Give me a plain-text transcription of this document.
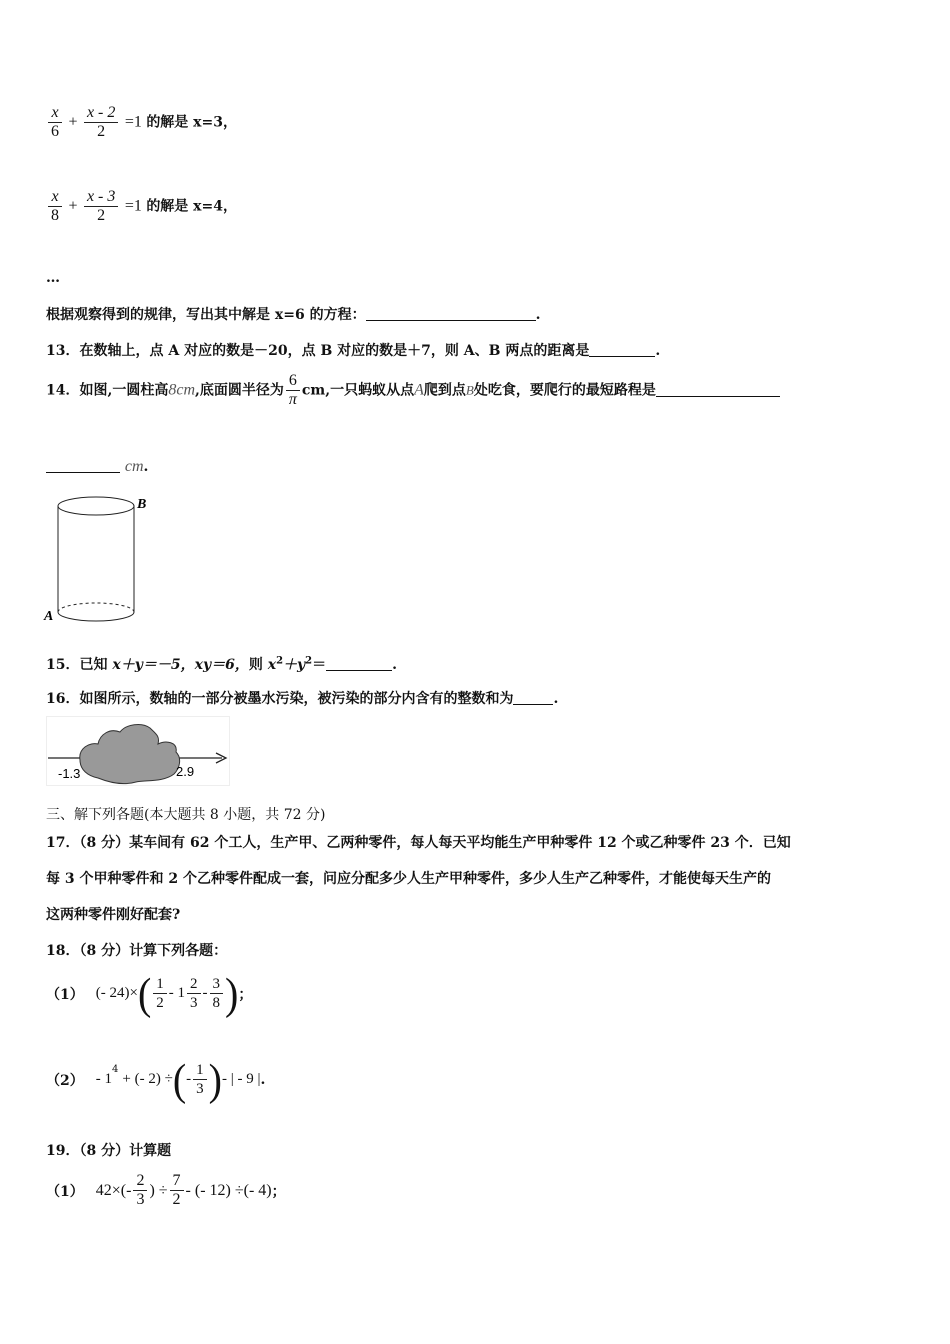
$\frac{x}{6} + \frac{x - 2}{2} =1$ 的解是 x=3，
$\frac{x}{8} + \frac{x - 3}{2} =1$ 的解是 x=4，
…
根据观察得到的规律，写出其中解是 x=6 的方程：	.
13．在数轴上，点 A 对应的数是－20，点 B 对应的数是＋7，则 A、B 两点的距离是	.
14．如图,一圆柱高8cm,底面圆半径为 $\frac{6}{\pi}$ cm,一只蚂蚁从点A爬到点B处吃食，要爬行的最短路程是
cm.
B
A
15．已知 x＋y＝－5，xy＝6，则 $x^2+y^2=$	.
16．如图所示，数轴的一部分被墨水污染，被污染的部分内含有的整数和为	.
-1.3	2.9
三、解下列各题(本大题共 8 小题，共 72 分)
17．（8 分）某车间有 62 个工人，生产甲、乙两种零件，每人每天平均能生产甲种零件 12 个或乙种零件 23 个．已知
每 3 个甲种零件和 2 个乙种零件配成一套，问应分配多少人生产甲种零件，多少人生产乙种零件，才能使每天生产的
这两种零件刚好配套?
18．（8 分）计算下列各题：
（1） (- 24)× ( $\frac{1}{2} - 1 \frac{2}{3} - \frac{3}{8}$ ) ；
（2） - 1
$^4$
+ (- 2) ÷ ( - $\frac{1}{3}$ ) - | - 9 | .
19．（8 分）计算题
（1） $42\times(- \frac{2}{3}$ ) ÷ $\frac{7}{2}$ - (- 12) ÷(- 4) ；
